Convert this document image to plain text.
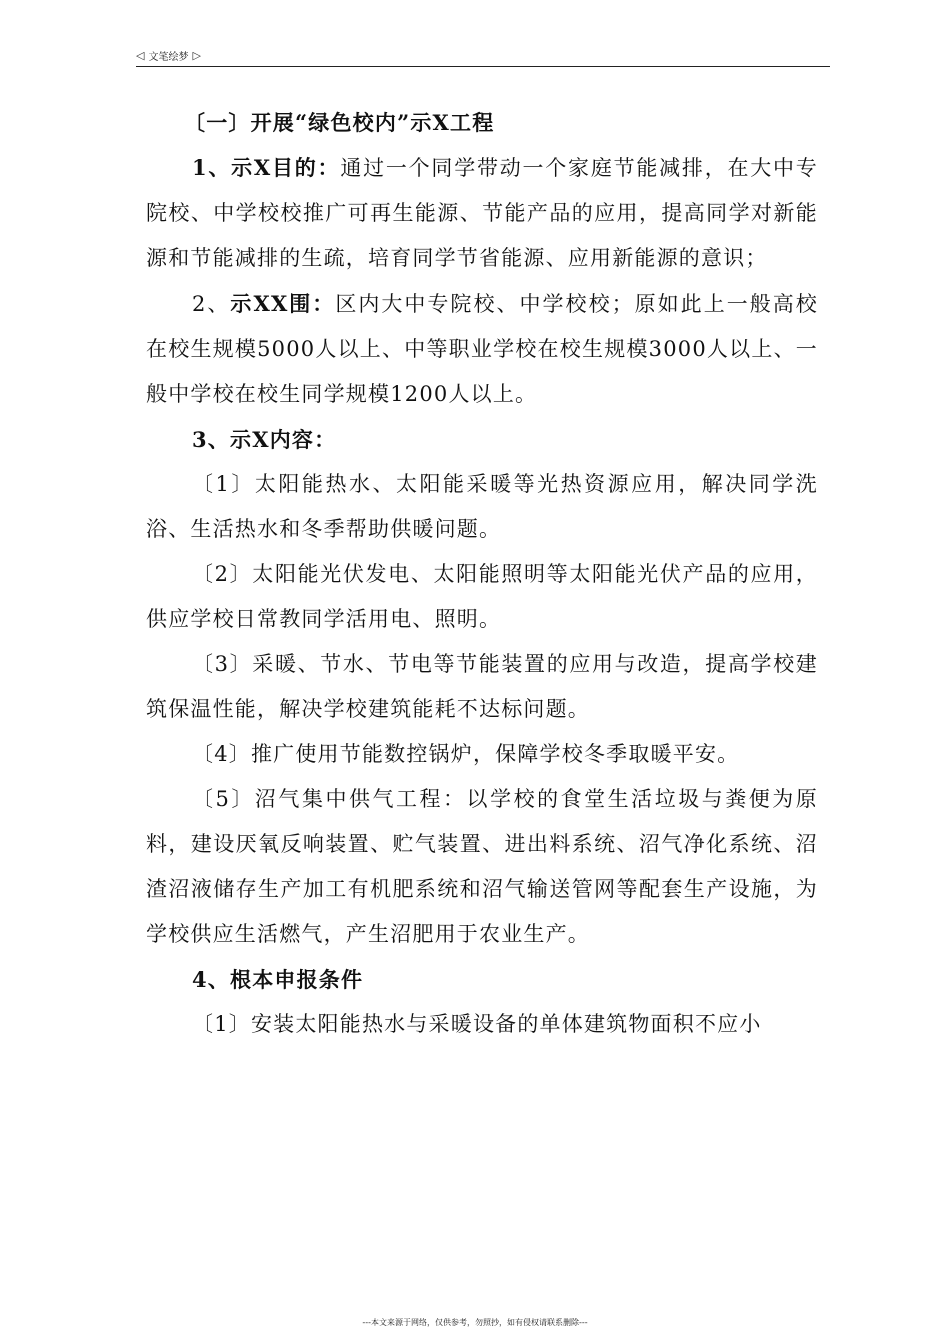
◁ 文笔绘梦 ▷

〔一〕开展“绿色校内”示X工程

1、示X目的：通过一个同学带动一个家庭节能减排，在大中专院校、中学校校推广可再生能源、节能产品的应用，提高同学对新能源和节能减排的生疏，培育同学节省能源、应用新能源的意识；

2、示XX围：区内大中专院校、中学校校；原如此上一般高校在校生规模5000人以上、中等职业学校在校生规模3000人以上、一般中学校在校生同学规模1200人以上。

3、示X内容：

〔1〕太阳能热水、太阳能采暖等光热资源应用，解决同学洗浴、生活热水和冬季帮助供暖问题。

〔2〕太阳能光伏发电、太阳能照明等太阳能光伏产品的应用，供应学校日常教同学活用电、照明。

〔3〕采暖、节水、节电等节能装置的应用与改造，提高学校建筑保温性能，解决学校建筑能耗不达标问题。

〔4〕推广使用节能数控锅炉，保障学校冬季取暖平安。

〔5〕沼气集中供气工程：以学校的食堂生活垃圾与粪便为原料，建设厌氧反响装置、贮气装置、进出料系统、沼气净化系统、沼渣沼液储存生产加工有机肥系统和沼气输送管网等配套生产设施，为学校供应生活燃气，产生沼肥用于农业生产。

4、根本申报条件

〔1〕安装太阳能热水与采暖设备的单体建筑物面积不应小

---本文来源于网络，仅供参考，勿照抄，如有侵权请联系删除---
